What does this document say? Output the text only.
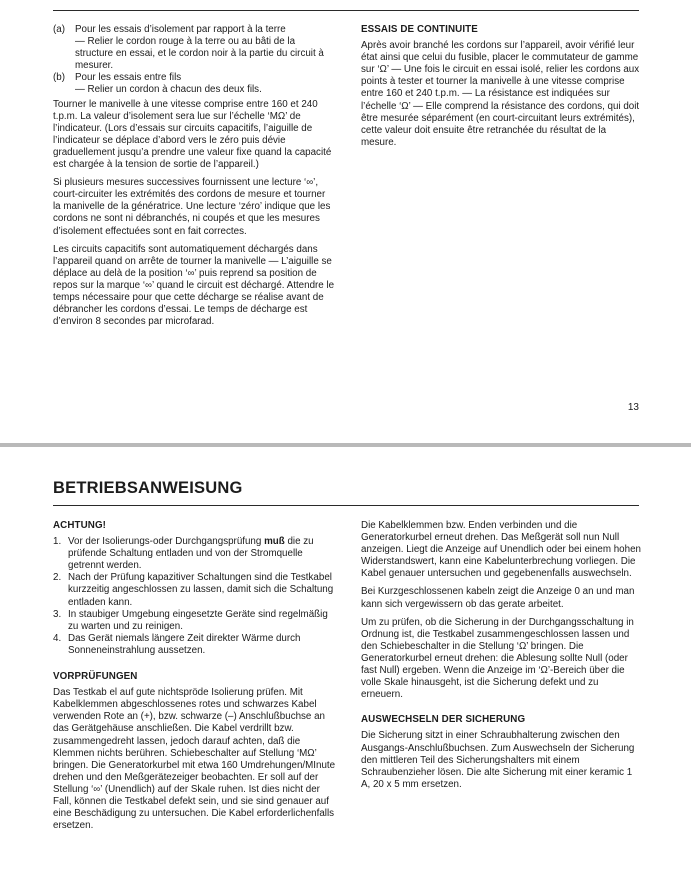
(a)	Pour les essais d’isolement par rapport à la terre
— Relier le cordon rouge à la terre ou au bâti de la structure en essai, et le cordon noir à la partie du circuit à mesurer.
(b)	Pour les essais entre fils
— Relier un cordon à chacun des deux fils.

Tourner le manivelle à une vitesse comprise entre 160 et 240 t.p.m. La valeur d’isolement sera lue sur l’échelle ‘MΩ’ de l’indicateur. (Lors d’essais sur circuits capacitifs, l’aiguille de l’indicateur se déplace d’abord vers le zéro puis dévie graduellement jusqu’a prendre une valeur fixe quand la capacité est chargée à la tension de sortie de l’appareil.)

Si plusieurs mesures successives fournissent une lecture ‘∞’, court-circuiter les extrémités des cordons de mesure et tourner la manivelle de la génératrice. Une lecture ‘zéro’ indique que les cordons ne sont ni débranchés, ni coupés et que les mesures d’isolement effectuées sont en fait correctes.

Les circuits capacitifs sont automatiquement déchargés dans l’appareil quand on arrête de tourner la manivelle — L’aiguille se déplace au delà de la position ‘∞’ puis reprend sa position de repos sur la marque ‘∞’ quand le circuit est déchargé. Attendre le temps nécessaire pour que cette décharge se réalise avant de débrancher les cordons d’essai. Le temps de décharge est d’environ 8 secondes par microfarad.

ESSAIS DE CONTINUITE

Après avoir branché les cordons sur l’appareil, avoir vérifié leur état ainsi que celui du fusible, placer le commutateur de gamme sur ‘Ω’ — Une fois le circuit en essai isolé, relier les cordons aux points à tester et tourner la manivelle à une vitesse comprise entre 160 et 240 t.p.m. — La résistance est indiquées sur l’échelle ‘Ω’ — Elle comprend la résistance des cordons, qui doit être mesurée séparément (en court-circuitant leurs extrémités), cette valeur doit ensuite être retranchée du résultat de la mesure.

13
BETRIEBSANWEISUNG
ACHTUNG!
1. Vor der Isolierungs-oder Durchgangsprüfung muß die zu prüfende Schaltung entladen und von der Stromquelle getrennt werden.
2. Nach der Prüfung kapazitiver Schaltungen sind die Testkabel kurzzeitig angeschlossen zu lassen, damit sich die Schaltung entladen kann.
3. In staubiger Umgebung eingesetzte Geräte sind regelmäßig zu warten und zu reinigen.
4. Das Gerät niemals längere Zeit direkter Wärme durch Sonneneinstrahlung aussetzen.
VORPRÜFUNGEN

Das Testkab el auf gute nichtspröde Isolierung prüfen. Mit Kabelklemmen abgeschlossenes rotes und schwarzes Kabel verwenden Rote an (+), bzw. schwarze (–) Anschlußbuchse an das Gerätgehäuse anschließen. Die Kabel verdrillt bzw. zusammengedreht lassen, jedoch darauf achten, daß die Klemmen nichts berühren. Schiebeschalter auf Stellung ‘MΩ’ bringen. Die Generatorkurbel mit etwa 160 Umdrehungen/MInute drehen und den Meßgerätezeiger beobachten. Er soll auf der Stellung ‘∞’ (Unendlich) auf der Skale ruhen. Ist dies nicht der Fall, können die Testkabel defekt sein, und sie sind genauer auf eine Beschädigung zu untersuchen. Die Kabel erforderlichenfalls ersetzen.

Die Kabelklemmen bzw. Enden verbinden und die Generatorkurbel erneut drehen. Das Meßgerät soll nun Null anzeigen. Liegt die Anzeige auf Unendlich oder bei einem hohen Widerstandswert, kann eine Kabelunterbrechung vorliegen. Die Kabel genauer untersuchen und gegebenenfalls auswechseln.

Bei Kurzgeschlossenen kabeln zeigt die Anzeige 0 an und man kann sich vergewissern ob das gerate arbeitet.

Um zu prüfen, ob die Sicherung in der Durchgangsschaltung in Ordnung ist, die Testkabel zusammengeschlossen lassen und den Schiebeschalter in die Stellung ‘Ω’ bringen. Die Generatorkurbel erneut drehen: die Ablesung sollte Null (oder fast Null) ergeben. Wenn die Anzeige im ‘Ω’-Bereich über die volle Skale hinausgeht, ist die Sicherung defekt und zu erneuern.

AUSWECHSELN DER SICHERUNG

Die Sicherung sitzt in einer Schraubhalterung zwischen den Ausgangs-Anschlußbuchsen. Zum Auswechseln der Sicherung den mittleren Teil des Sicherungshalters mit einem Schraubenzieher lösen. Die alte Sicherung mit einer keramic 1 A, 20 x 5 mm ersetzen.
